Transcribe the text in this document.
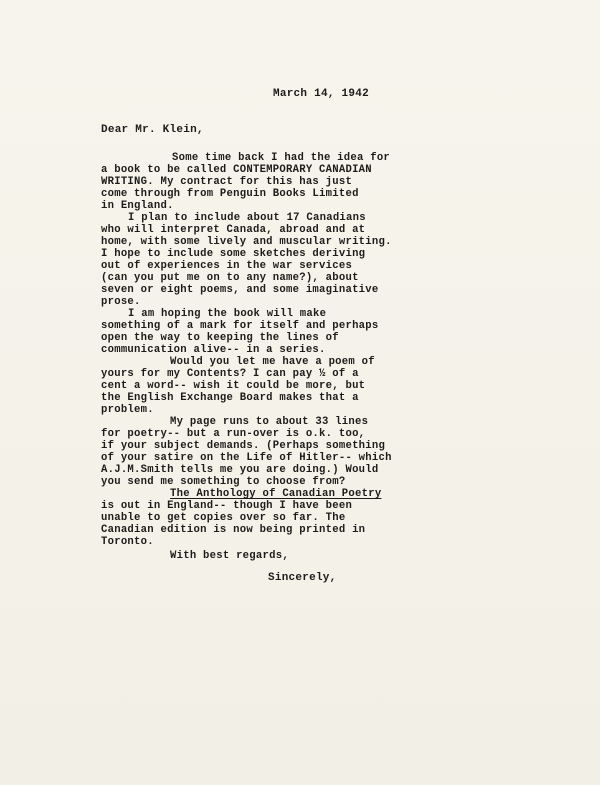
March 14, 1942
Dear Mr. Klein,
Some time back I had the idea for
a book to be called CONTEMPORARY CANADIAN
WRITING. My contract for this has just
come through from Penguin Books Limited
in England.
I plan to include about 17 Canadians
who will interpret Canada, abroad and at
home, with some lively and muscular writing.
I hope to include some sketches deriving
out of experiences in the war services
(can you put me on to any name?), about
seven or eight poems, and some imaginative
prose.
I am hoping the book will make
something of a mark for itself and perhaps
open the way to keeping the lines of
communication alive-- in a series.
Would you let me have a poem of
yours for my Contents? I can pay ½ of a
cent a word-- wish it could be more, but
the English Exchange Board makes that a
problem.
My page runs to about 33 lines
for poetry-- but a run-over is o.k. too,
if your subject demands. (Perhaps something
of your satire on the Life of Hitler-- which
A.J.M.Smith tells me you are doing.) Would
you send me something to choose from?
The Anthology of Canadian Poetry
is out in England-- though I have been
unable to get copies over so far. The
Canadian edition is now being printed in
Toronto.
With best regards,
Sincerely,
